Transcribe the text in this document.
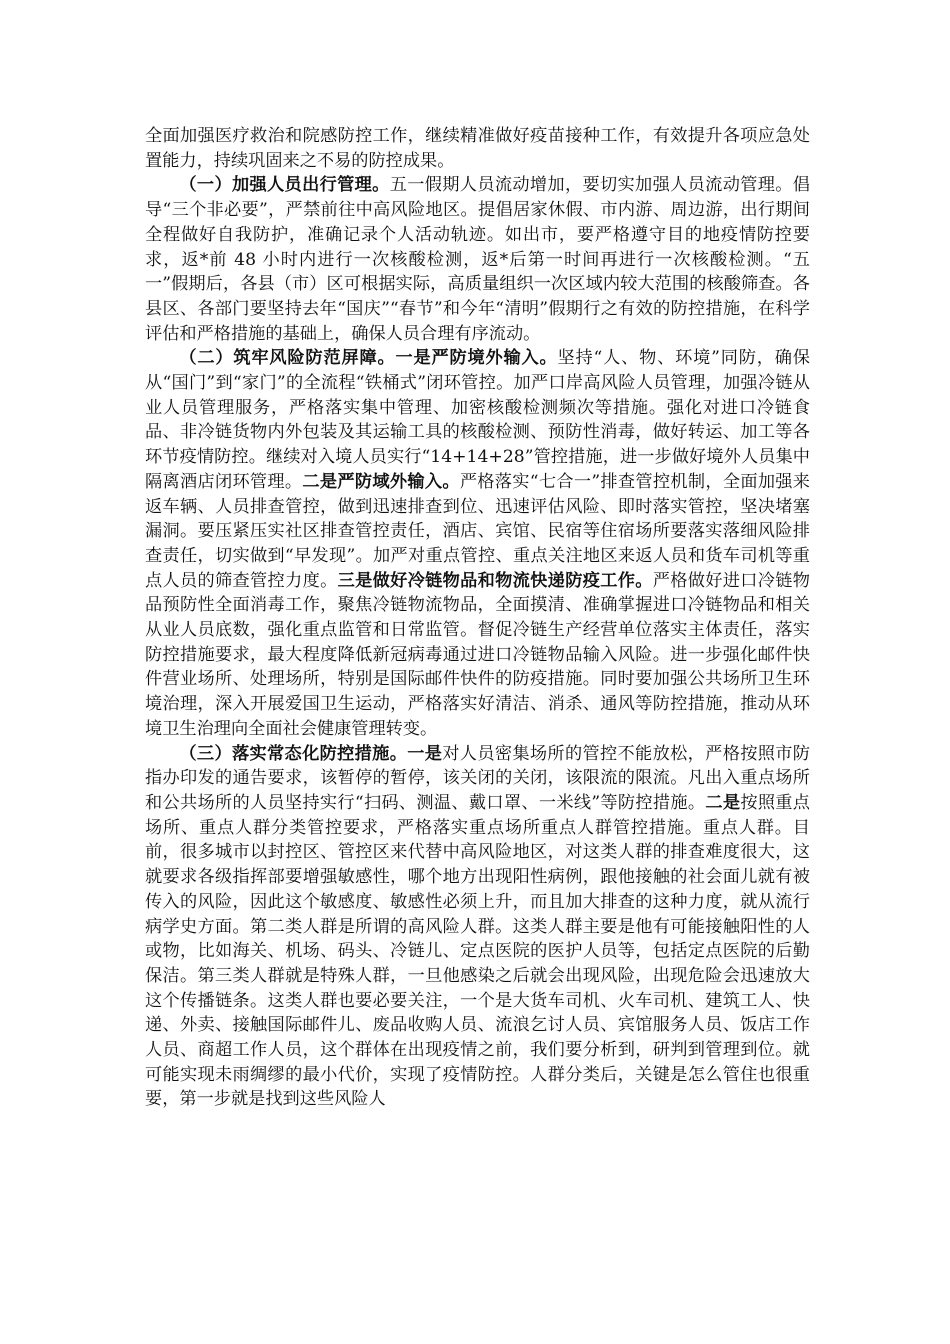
全面加强医疗救治和院感防控工作，继续精准做好疫苗接种工作，有效提升各项应急处置能力，持续巩固来之不易的防控成果。

（一）加强人员出行管理。五一假期人员流动增加，要切实加强人员流动管理。倡导“三个非必要”，严禁前往中高风险地区。提倡居家休假、市内游、周边游，出行期间全程做好自我防护，准确记录个人活动轨迹。如出市，要严格遵守目的地疫情防控要求，返*前 48 小时内进行一次核酸检测，返*后第一时间再进行一次核酸检测。“五一”假期后，各县（市）区可根据实际，高质量组织一次区域内较大范围的核酸筛查。各县区、各部门要坚持去年“国庆”“春节”和今年“清明”假期行之有效的防控措施，在科学评估和严格措施的基础上，确保人员合理有序流动。

（二）筑牢风险防范屏障。一是严防境外输入。坚持“人、物、环境”同防，确保从“国门”到“家门”的全流程“铁桶式”闭环管控。加严口岸高风险人员管理，加强冷链从业人员管理服务，严格落实集中管理、加密核酸检测频次等措施。强化对进口冷链食品、非冷链货物内外包装及其运输工具的核酸检测、预防性消毒，做好转运、加工等各环节疫情防控。继续对入境人员实行“14+14+28”管控措施，进一步做好境外人员集中隔离酒店闭环管理。二是严防域外输入。严格落实“七合一”排查管控机制，全面加强来返车辆、人员排查管控，做到迅速排查到位、迅速评估风险、即时落实管控，坚决堵塞漏洞。要压紧压实社区排查管控责任，酒店、宾馆、民宿等住宿场所要落实落细风险排查责任，切实做到“早发现”。加严对重点管控、重点关注地区来返人员和货车司机等重点人员的筛查管控力度。三是做好冷链物品和物流快递防疫工作。严格做好进口冷链物品预防性全面消毒工作，聚焦冷链物流物品，全面摸清、准确掌握进口冷链物品和相关从业人员底数，强化重点监管和日常监管。督促冷链生产经营单位落实主体责任，落实防控措施要求，最大程度降低新冠病毒通过进口冷链物品输入风险。进一步强化邮件快件营业场所、处理场所，特别是国际邮件快件的防疫措施。同时要加强公共场所卫生环境治理，深入开展爱国卫生运动，严格落实好清洁、消杀、通风等防控措施，推动从环境卫生治理向全面社会健康管理转变。

（三）落实常态化防控措施。一是对人员密集场所的管控不能放松，严格按照市防指办印发的通告要求，该暂停的暂停，该关闭的关闭，该限流的限流。凡出入重点场所和公共场所的人员坚持实行“扫码、测温、戴口罩、一米线”等防控措施。二是按照重点场所、重点人群分类管控要求，严格落实重点场所重点人群管控措施。重点人群。目前，很多城市以封控区、管控区来代替中高风险地区，对这类人群的排查难度很大，这就要求各级指挥部要增强敏感性，哪个地方出现阳性病例，跟他接触的社会面儿就有被传入的风险，因此这个敏感度、敏感性必须上升，而且加大排查的这种力度，就从流行病学史方面。第二类人群是所谓的高风险人群。这类人群主要是他有可能接触阳性的人或物，比如海关、机场、码头、冷链儿、定点医院的医护人员等，包括定点医院的后勤保洁。第三类人群就是特殊人群，一旦他感染之后就会出现风险，出现危险会迅速放大这个传播链条。这类人群也要必要关注，一个是大货车司机、火车司机、建筑工人、快递、外卖、接触国际邮件儿、废品收购人员、流浪乞讨人员、宾馆服务人员、饭店工作人员、商超工作人员，这个群体在出现疫情之前，我们要分析到，研判到管理到位。就可能实现未雨绸缪的最小代价，实现了疫情防控。人群分类后，关键是怎么管住也很重要，第一步就是找到这些风险人
